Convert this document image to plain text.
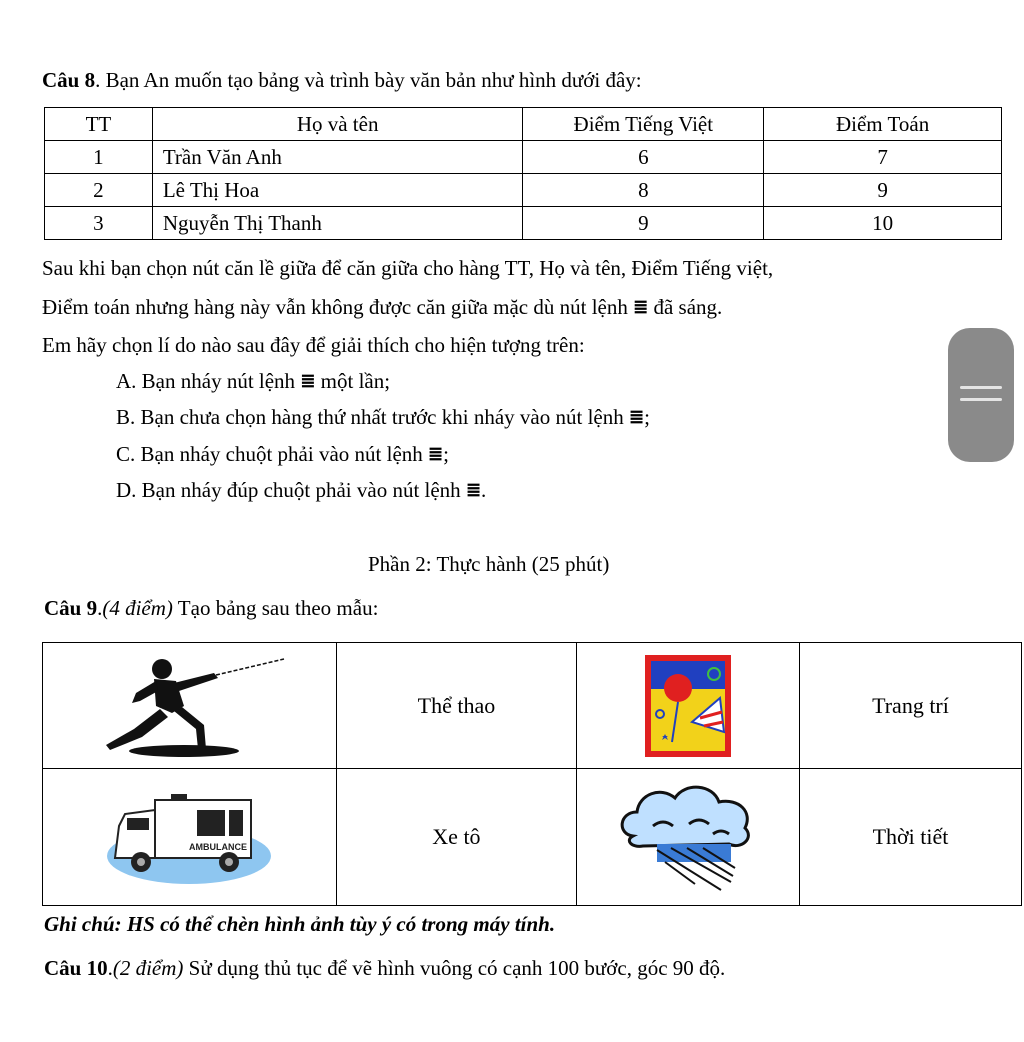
Câu 8. Bạn An muốn tạo bảng và trình bày văn bản như hình dưới đây:
TT	Họ và tên	Điểm Tiếng Việt	Điểm Toán
1	Trần Văn Anh	6	7
2	Lê Thị Hoa	8	9
3	Nguyễn Thị Thanh	9	10
Sau khi bạn chọn nút căn lề giữa để căn giữa cho hàng TT, Họ và tên, Điểm Tiếng việt,
Điểm toán nhưng hàng này vẫn không được căn giữa mặc dù nút lệnh ≣ đã sáng.
Em hãy chọn lí do nào sau đây để giải thích cho hiện tượng trên:
A. Bạn nháy nút lệnh ≣ một lần;
B. Bạn chưa chọn hàng thứ nhất trước khi nháy vào nút lệnh ≣;
C. Bạn nháy chuột phải vào nút lệnh ≣;
D. Bạn nháy đúp chuột phải vào nút lệnh ≣.
Phần 2: Thực hành (25 phút)
Câu 9.(4 điểm) Tạo bảng sau theo mẫu:
	Thể thao		Trang trí

AMBULANCE	Xe tô		Thời tiết
Ghi chú: HS có thể chèn hình ảnh tùy ý có trong máy tính.
Câu 10.(2 điểm) Sử dụng thủ tục để vẽ hình vuông có cạnh 100 bước, góc 90 độ.
